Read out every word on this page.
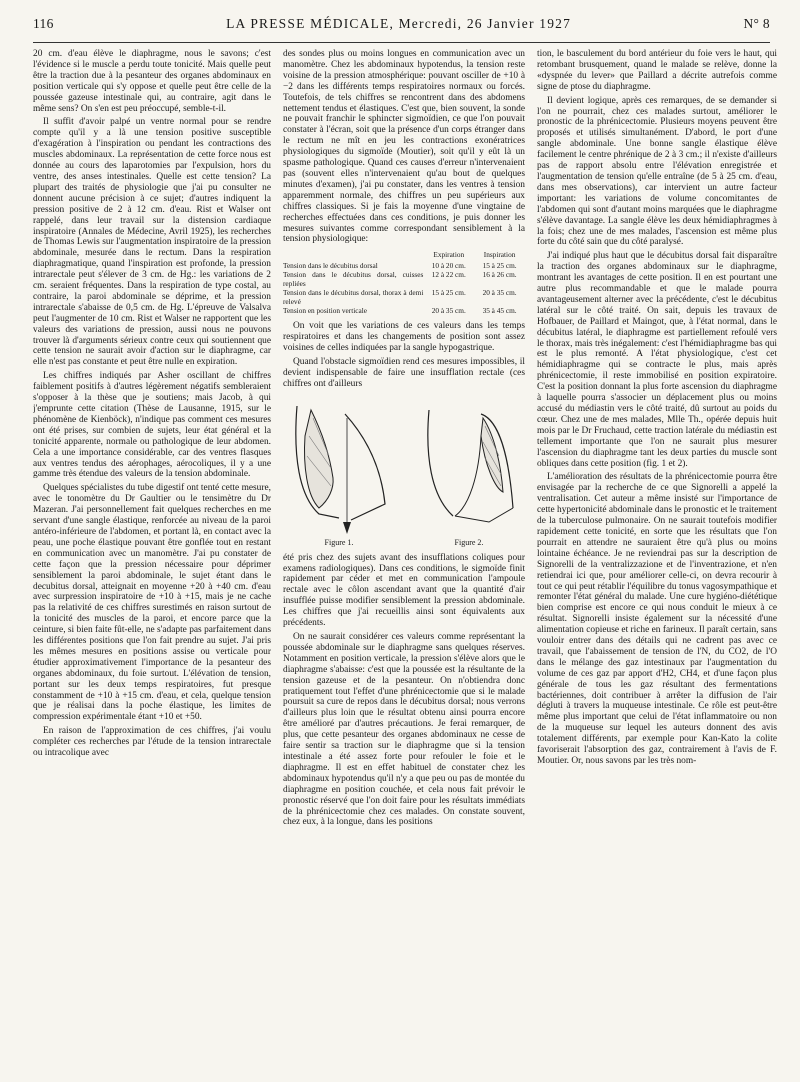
116	LA PRESSE MÉDICALE, Mercredi, 26 Janvier 1927	N° 8

20 cm. d'eau élève le diaphragme, nous le savons; c'est l'évidence si le muscle a perdu toute tonicité. Mais quelle peut être la traction due à la pesanteur des organes abdominaux en position verticale qui s'y oppose et quelle peut être celle de la poussée gazeuse intestinale qui, au contraire, agit dans le même sens? On s'en est peu préoccupé, semble-t-il.

Il suffit d'avoir palpé un ventre normal pour se rendre compte qu'il y a là une tension positive susceptible d'exagération à l'inspiration ou pendant les contractions des muscles abdominaux. La représentation de cette force nous est donnée au cours des laparotomies par l'expulsion, hors du ventre, des anses intestinales. Quelle est cette tension? La plupart des traités de physiologie que j'ai pu consulter ne donnent aucune précision à ce sujet; d'autres indiquent la pression positive de 2 à 12 cm. d'eau. Rist et Walser ont rappelé, dans leur travail sur la distension cardiaque inspiratoire (Annales de Médecine, Avril 1925), les recherches de Thomas Lewis sur l'augmentation inspiratoire de la pression abdominale, mesurée dans le rectum. Dans la respiration diaphragmatique, quand l'inspiration est profonde, la pression intrarectale peut s'élever de 3 cm. de Hg.: les variations de 2 cm. seraient fréquentes. Dans la respiration de type costal, au contraire, la paroi abdominale se déprime, et la pression intrarectale s'abaisse de 0,5 cm. de Hg. L'épreuve de Valsalva peut l'augmenter de 10 cm. Rist et Walser ne rapportent que les valeurs des variations de pression, aussi nous ne pouvons trouver là d'arguments sérieux contre ceux qui soutiennent que cette tension ne saurait avoir d'action sur le diaphragme, car elle n'est pas constante et peut être nulle en expiration.

Les chiffres indiqués par Asher oscillant de chiffres faiblement positifs à d'autres légèrement négatifs sembleraient s'opposer à la thèse que je soutiens; mais Jacob, à qui j'emprunte cette citation (Thèse de Lausanne, 1915, sur le phénomène de Kienböck), n'indique pas comment ces mesures ont été prises, sur combien de sujets, leur état général et la tonicité apparente, normale ou pathologique de leur abdomen. Cela a une importance considérable, car des ventres flasques aux ventres tendus des aérophages, aérocoliques, il y a une gamme très étendue des valeurs de la tension abdominale.

Quelques spécialistes du tube digestif ont tenté cette mesure, avec le tonomètre du Dr Gaultier ou le tensimètre du Dr Mazeran. J'ai personnellement fait quelques recherches en me servant d'une sangle élastique, renforcée au niveau de la paroi antéro-inférieure de l'abdomen, et portant là, en contact avec la peau, une poche élastique pouvant être gonflée tout en restant en communication avec un manomètre. J'ai pu constater de cette façon que la pression nécessaire pour déprimer sensiblement la paroi abdominale, le sujet étant dans le decubitus dorsal, atteignait en moyenne +20 à +40 cm. d'eau avec surpression inspiratoire de +10 à +15, mais je ne cache pas la relativité de ces chiffres surestimés en raison surtout de la tonicité des muscles de la paroi, et encore parce que la ceinture, si bien faite fût-elle, ne s'adapte pas parfaitement dans les différentes positions que l'on fait prendre au sujet. J'ai pris les mêmes mesures en positions assise ou verticale pour étudier approximativement l'importance de la pesanteur des organes abdominaux, du foie surtout. L'élévation de tension, portant sur les deux temps respiratoires, fut presque constamment de +10 à +15 cm. d'eau, et cela, quelque tension que je réalisai dans la poche élastique, les limites de compression expérimentale étant +10 et +50.

En raison de l'approximation de ces chiffres, j'ai voulu compléter ces recherches par l'étude de la tension intrarectale ou intracolique avec

des sondes plus ou moins longues en communication avec un manomètre. Chez les abdominaux hypotendus, la tension reste voisine de la pression atmosphérique: pouvant osciller de +10 à −2 dans les différents temps respiratoires normaux ou forcés. Toutefois, de tels chiffres se rencontrent dans des abdomens nettement tendus et élastiques. C'est que, bien souvent, la sonde ne pouvait franchir le sphincter sigmoïdien, ce que l'on pouvait constater à l'écran, soit que la présence d'un corps étranger dans le rectum ne mît en jeu les contractions exonératrices physiologiques du sigmoïde (Moutier), soit qu'il y eût là un spasme pathologique. Quand ces causes d'erreur n'intervenaient pas (souvent elles n'intervenaient qu'au bout de quelques minutes d'examen), j'ai pu constater, dans les ventres à tension apparemment normale, des chiffres un peu supérieurs aux chiffres classiques. Si je fais la moyenne d'une vingtaine de recherches effectuées dans ces conditions, je puis donner les mesures suivantes comme correspondant sensiblement à la tension physiologique:

	Expiration	Inspiration
Tension dans le décubitus dorsal	10 à 20 cm.	15 à 25 cm.
Tension dans le décubitus dorsal, cuisses repliées	12 à 22 cm.	16 à 26 cm.
Tension dans le décubitus dorsal, thorax à demi relevé	15 à 25 cm.	20 à 35 cm.
Tension en position verticale	20 à 35 cm.	35 à 45 cm.

On voit que les variations de ces valeurs dans les temps respiratoires et dans les changements de position sont assez voisines de celles indiquées par la sangle hypogastrique.

Quand l'obstacle sigmoïdien rend ces mesures impossibles, il devient indispensable de faire une insufflation rectale (ces chiffres ont d'ailleurs

Figure 1.	Figure 2.

été pris chez des sujets avant des insufflations coliques pour examens radiologiques). Dans ces conditions, le sigmoïde finit rapidement par céder et met en communication l'ampoule rectale avec le côlon ascendant avant que la quantité d'air insufflée puisse modifier sensiblement la pression abdominale. Les chiffres que j'ai recueillis ainsi sont équivalents aux précédents.

On ne saurait considérer ces valeurs comme représentant la poussée abdominale sur le diaphragme sans quelques réserves. Notamment en position verticale, la pression s'élève alors que le diaphragme s'abaisse: c'est que la poussée est la résultante de la tension gazeuse et de la pesanteur. On n'obtiendra donc pratiquement tout l'effet d'une phrénicectomie que si le malade poursuit sa cure de repos dans le décubitus dorsal; nous verrons d'ailleurs plus loin que le résultat obtenu ainsi pourra encore être amélioré par d'autres précautions. Je ferai remarquer, de plus, que cette pesanteur des organes abdominaux ne cesse de faire sentir sa traction sur le diaphragme que si la tension intestinale a été assez forte pour refouler le foie et le diaphragme. Il est en effet habituel de constater chez les abdominaux hypotendus qu'il n'y a que peu ou pas de montée du diaphragme en position couchée, et cela nous fait prévoir le pronostic réservé que l'on doit faire pour les résultats immédiats de la phrénicectomie chez ces malades. On constate souvent, chez eux, à la longue, dans les positions

tion, le basculement du bord antérieur du foie vers le haut, qui retombant brusquement, quand le malade se relève, donne la «dyspnée du lever» que Paillard a décrite autrefois comme signe de ptose du diaphragme.

Il devient logique, après ces remarques, de se demander si l'on ne pourrait, chez ces malades surtout, améliorer le pronostic de la phrénicectomie. Plusieurs moyens peuvent être proposés et utilisés simultanément. D'abord, le port d'une sangle abdominale. Une bonne sangle élastique élève facilement le centre phrénique de 2 à 3 cm.; il n'existe d'ailleurs pas de rapport absolu entre l'élévation enregistrée et l'augmentation de tension qu'elle entraîne (de 5 à 25 cm. d'eau, dans mes observations), car intervient un autre facteur important: les variations de volume concomitantes de l'abdomen qui sont d'autant moins marquées que le diaphragme s'élève davantage. La sangle élève les deux hémidiaphragmes à la fois; chez une de mes malades, l'ascension est même plus forte du côté sain que du côté paralysé.

J'ai indiqué plus haut que le décubitus dorsal fait disparaître la traction des organes abdominaux sur le diaphragme, montrant les avantages de cette position. Il en est pourtant une autre plus recommandable et que le malade pourra avantageusement alterner avec la précédente, c'est le décubitus latéral sur le côté traité. On sait, depuis les travaux de Hofbauer, de Paillard et Maingot, que, à l'état normal, dans le décubitus latéral, le diaphragme est partiellement refoulé vers le thorax, mais très inégalement: c'est l'hémidiaphragme bas qui est le plus remonté. A l'état physiologique, c'est cet hémidiaphragme qui se contracte le plus, mais après phrénicectomie, il reste immobilisé en position expiratoire. C'est la position donnant la plus forte ascension du diaphragme à laquelle pourra s'associer un déplacement plus ou moins accusé du médiastin vers le côté traité, dû surtout au poids du cœur. Chez une de mes malades, Mlle Th., opérée depuis huit mois par le Dr Fruchaud, cette traction latérale du médiastin est tellement importante que l'on ne saurait plus mesurer l'ascension du diaphragme tant les deux parties du muscle sont obliques dans cette position (fig. 1 et 2).

L'amélioration des résultats de la phrénicectomie pourra être envisagée par la recherche de ce que Signorelli a appelé la ventralisation. Cet auteur a même insisté sur l'importance de cette hypertonicité abdominale dans le pronostic et le traitement de la tuberculose pulmonaire. On ne saurait toutefois modifier rapidement cette tonicité, en sorte que les résultats que l'on pourrait en attendre ne sauraient être qu'à plus ou moins lointaine échéance. Je ne reviendrai pas sur la description de Signorelli de la ventralizzazione et de l'inventrazione, et n'en retiendrai ici que, pour améliorer celle-ci, on devra recourir à tout ce qui peut rétablir l'équilibre du tonus vagosympathique et remonter l'état général du malade. Une cure hygiéno-diététique bien comprise est encore ce qui nous conduit le mieux à ce résultat. Signorelli insiste également sur la nécessité d'une alimentation copieuse et riche en farineux. Il paraît certain, sans vouloir entrer dans des détails qui ne cadrent pas avec ce travail, que l'abaissement de tension de l'N, du CO2, de l'O dans le mélange des gaz intestinaux par l'augmentation du volume de ces gaz par apport d'H2, CH4, et d'une façon plus générale de tous les gaz résultant des fermentations bactériennes, doit contribuer à arrêter la diffusion de l'air dégluti à travers la muqueuse intestinale. Ce rôle est peut-être même plus important que celui de l'état inflammatoire ou non de la muqueuse sur lequel les auteurs donnent des avis totalement différents, par exemple pour Kan-Kato la colite favoriserait l'absorption des gaz, contrairement à l'avis de F. Moutier. Or, nous savons par les très nom-
